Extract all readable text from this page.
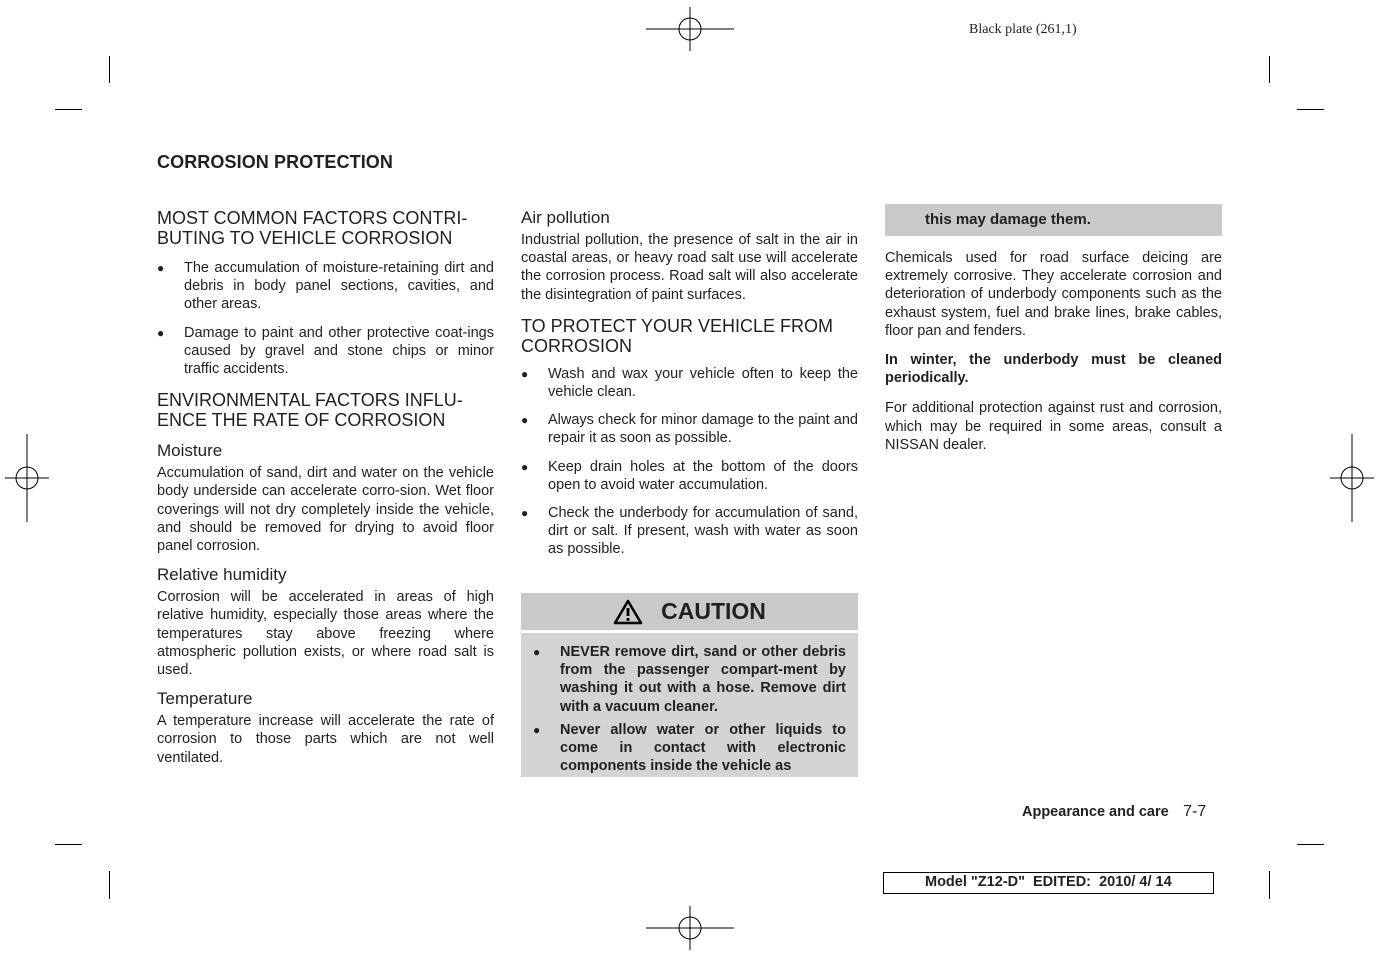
Black plate (261,1)
CORROSION PROTECTION
MOST COMMON FACTORS CONTRI-
BUTING TO VEHICLE CORROSION
● The accumulation of moisture-retaining dirt and debris in body panel sections, cavities, and other areas.
● Damage to paint and other protective coat-ings caused by gravel and stone chips or minor traffic accidents.
ENVIRONMENTAL FACTORS INFLU-
ENCE THE RATE OF CORROSION
Moisture
Accumulation of sand, dirt and water on the vehicle body underside can accelerate corro-sion. Wet floor coverings will not dry completely inside the vehicle, and should be removed for drying to avoid floor panel corrosion.
Relative humidity
Corrosion will be accelerated in areas of high relative humidity, especially those areas where the temperatures stay above freezing where atmospheric pollution exists, or where road salt is used.
Temperature
A temperature increase will accelerate the rate of corrosion to those parts which are not well ventilated.
Air pollution
Industrial pollution, the presence of salt in the air in coastal areas, or heavy road salt use will accelerate the corrosion process. Road salt will also accelerate the disintegration of paint surfaces.
TO PROTECT YOUR VEHICLE FROM
CORROSION
● Wash and wax your vehicle often to keep the vehicle clean.
● Always check for minor damage to the paint and repair it as soon as possible.
● Keep drain holes at the bottom of the doors open to avoid water accumulation.
● Check the underbody for accumulation of sand, dirt or salt. If present, wash with water as soon as possible.
CAUTION
● NEVER remove dirt, sand or other debris from the passenger compart-ment by washing it out with a hose. Remove dirt with a vacuum cleaner.
● Never allow water or other liquids to come in contact with electronic components inside the vehicle as
this may damage them.
Chemicals used for road surface deicing are extremely corrosive. They accelerate corrosion and deterioration of underbody components such as the exhaust system, fuel and brake lines, brake cables, floor pan and fenders.
In winter, the underbody must be cleaned periodically.
For additional protection against rust and corrosion, which may be required in some areas, consult a NISSAN dealer.
Appearance and care 7-7
Model "Z12-D"  EDITED:  2010/ 4/ 14
